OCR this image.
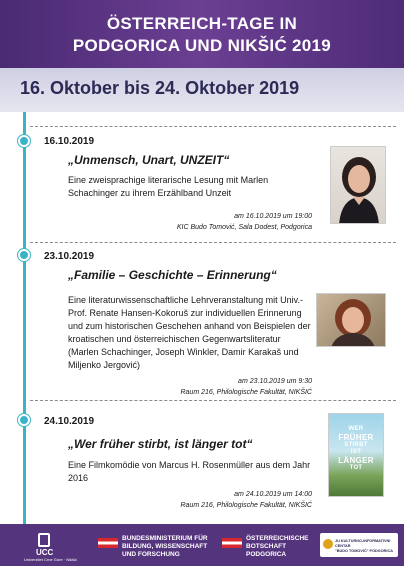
ÖSTERREICH-TAGE IN
PODGORICA UND NIKŠIĆ 2019
16. Oktober bis 24. Oktober 2019
16.10.2019
„Unmensch, Unart, UNZEIT“
Eine zweisprachige literarische Lesung mit Marlen Schachinger zu ihrem Erzählband Unzeit
am 16.10.2019 um 19:00
KIC Budo Tomović, Sala Dodest, Podgorica
23.10.2019
„Familie – Geschichte – Erinnerung“
Eine literaturwissenschaftliche Lehrveranstaltung mit Univ.-Prof. Renate Hansen-Kokoruš zur individuellen Erinnerung und zum historischen Geschehen anhand von Beispielen der kroatischen und österreichischen Gegenwartsliteratur (Marlen Schachinger, Joseph Winkler, Damir Karakaš und Miljenko Jergović)
am 23.10.2019 um 9:30
Raum 216, Philologische Fakultät, NIKŠIĆ
24.10.2019
„Wer früher stirbt, ist länger tot“
Eine Filmkomödie von Marcus H. Rosenmüller aus dem Jahr 2016
am 24.10.2019 um 14:00
Raum 216, Philologische Fakultät, NIKŠIĆ
WER
FRÜHER
STIRBT
IST
LÄNGER
TOT
UCC
Univerzitet Crne Gore · Nikšić
BUNDESMINISTERIUM FÜR
BILDUNG, WISSENSCHAFT
UND FORSCHUNG
ÖSTERREICHISCHE
BOTSCHAFT
PODGORICA
JU KULTURNO-INFORMATIVNI CENTAR
"BUDO TOMOVIĆ" PODGORICA
